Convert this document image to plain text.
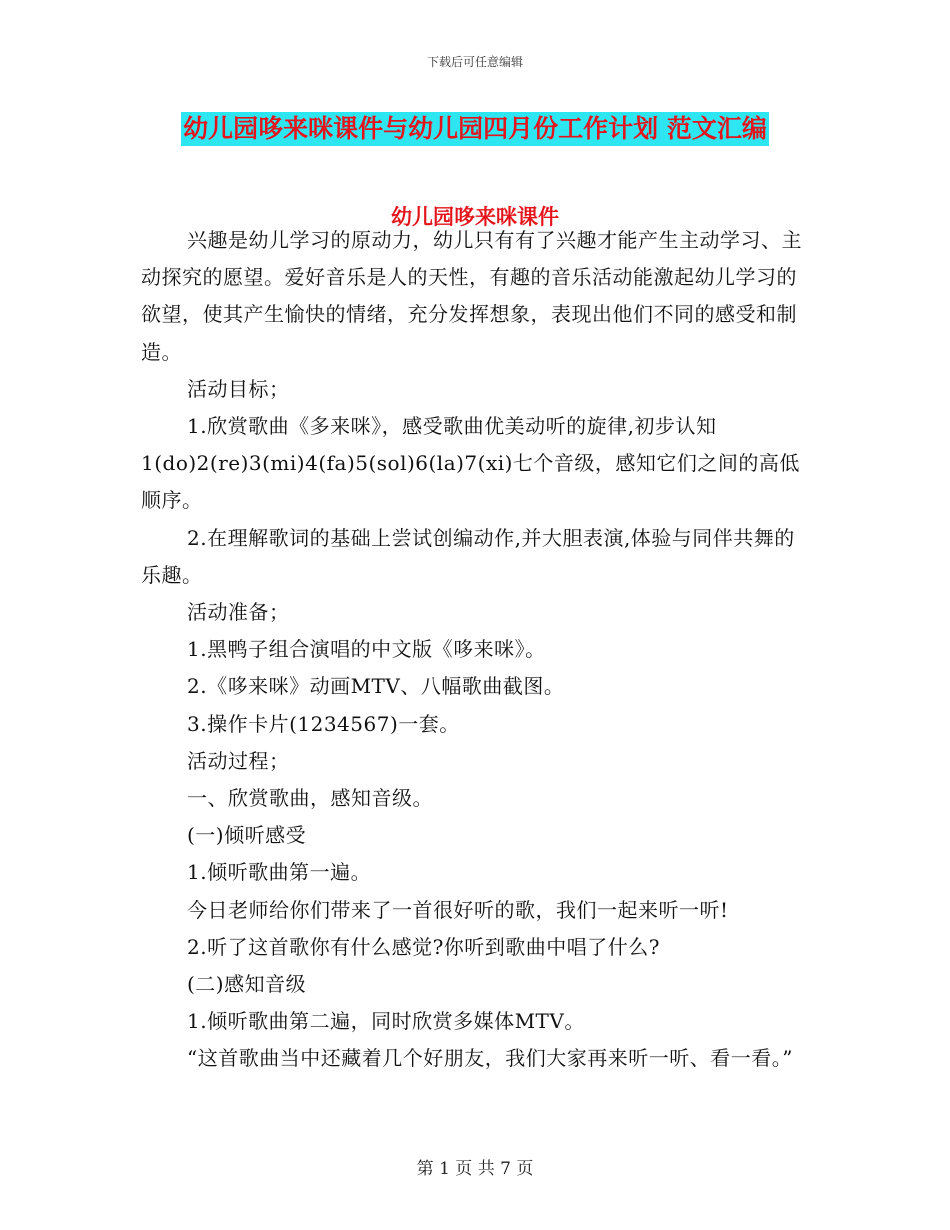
下载后可任意编辑
幼儿园哆来咪课件与幼儿园四月份工作计划 范文汇编
幼儿园哆来咪课件

兴趣是幼儿学习的原动力，幼儿只有有了兴趣才能产生主动学习、主动探究的愿望。爱好音乐是人的天性，有趣的音乐活动能激起幼儿学习的欲望，使其产生愉快的情绪，充分发挥想象，表现出他们不同的感受和制造。

活动目标；

1.欣赏歌曲《多来咪》，感受歌曲优美动听的旋律,初步认知1(do)2(re)3(mi)4(fa)5(sol)6(la)7(xi)七个音级，感知它们之间的高低顺序。

2.在理解歌词的基础上尝试创编动作,并大胆表演,体验与同伴共舞的乐趣。

活动准备；

1.黑鸭子组合演唱的中文版《哆来咪》。

2.《哆来咪》动画MTV、八幅歌曲截图。

3.操作卡片(1234567)一套。

活动过程；

一、欣赏歌曲，感知音级。

(一)倾听感受

1.倾听歌曲第一遍。

今日老师给你们带来了一首很好听的歌，我们一起来听一听!

2.听了这首歌你有什么感觉?你听到歌曲中唱了什么?

(二)感知音级

1.倾听歌曲第二遍，同时欣赏多媒体MTV。

“这首歌曲当中还藏着几个好朋友，我们大家再来听一听、看一看。”

第 1 页 共 7 页
